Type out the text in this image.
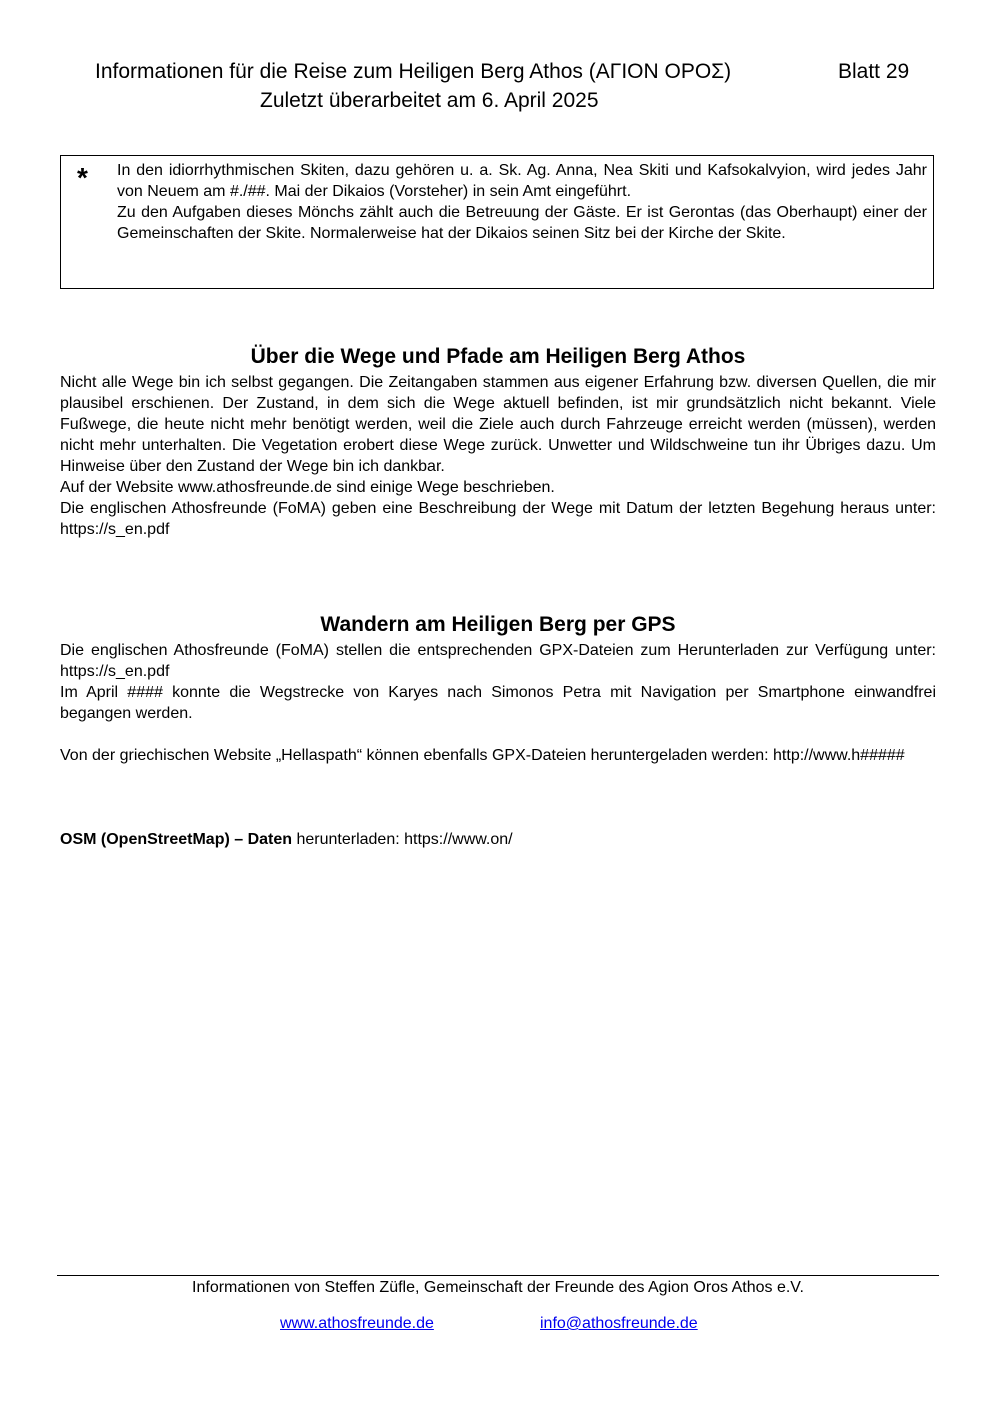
Informationen für die Reise zum Heiligen Berg Athos (ΑΓΙΟΝ ΟΡΟΣ)	Blatt 29
Zuletzt überarbeitet am 6. April 2025
* In den idiorrhythmischen Skiten, dazu gehören u. a. Sk. Ag. Anna, Nea Skiti und Kafsokalvyion, wird jedes Jahr von Neuem am #./##. Mai der Dikaios (Vorsteher) in sein Amt eingeführt.

Zu den Aufgaben dieses Mönchs zählt auch die Betreuung der Gäste. Er ist Gerontas (das Oberhaupt) einer der Gemeinschaften der Skite. Normalerweise hat der Dikaios seinen Sitz bei der Kirche der Skite.

Über die Wege und Pfade am Heiligen Berg Athos

Nicht alle Wege bin ich selbst gegangen. Die Zeitangaben stammen aus eigener Erfahrung bzw. diversen Quellen, die mir plausibel erschienen. Der Zustand, in dem sich die Wege aktuell befinden, ist mir grundsätzlich nicht bekannt. Viele Fußwege, die heute nicht mehr benötigt werden, weil die Ziele auch durch Fahrzeuge erreicht werden (müssen), werden nicht mehr unterhalten. Die Vegetation erobert diese Wege zurück. Unwetter und Wildschweine tun ihr Übriges dazu. Um Hinweise über den Zustand der Wege bin ich dankbar.

Auf der Website www.athosfreunde.de sind einige Wege beschrieben.

Die englischen Athosfreunde (FoMA) geben eine Beschreibung der Wege mit Datum der letzten Begehung heraus unter: https://s_en.pdf

Wandern am Heiligen Berg per GPS

Die englischen Athosfreunde (FoMA) stellen die entsprechenden GPX-Dateien zum Herunterladen zur Verfügung unter: https://s_en.pdf

Im April #### konnte die Wegstrecke von Karyes nach Simonos Petra mit Navigation per Smartphone einwandfrei begangen werden.

Von der griechischen Website „Hellaspath“ können ebenfalls GPX-Dateien heruntergeladen werden: http://www.h#####

OSM (OpenStreetMap) – Daten herunterladen: https://www.on/
Informationen von Steffen Züfle, Gemeinschaft der Freunde des Agion Oros Athos e.V.
www.athosfreunde.de	info@athosfreunde.de
